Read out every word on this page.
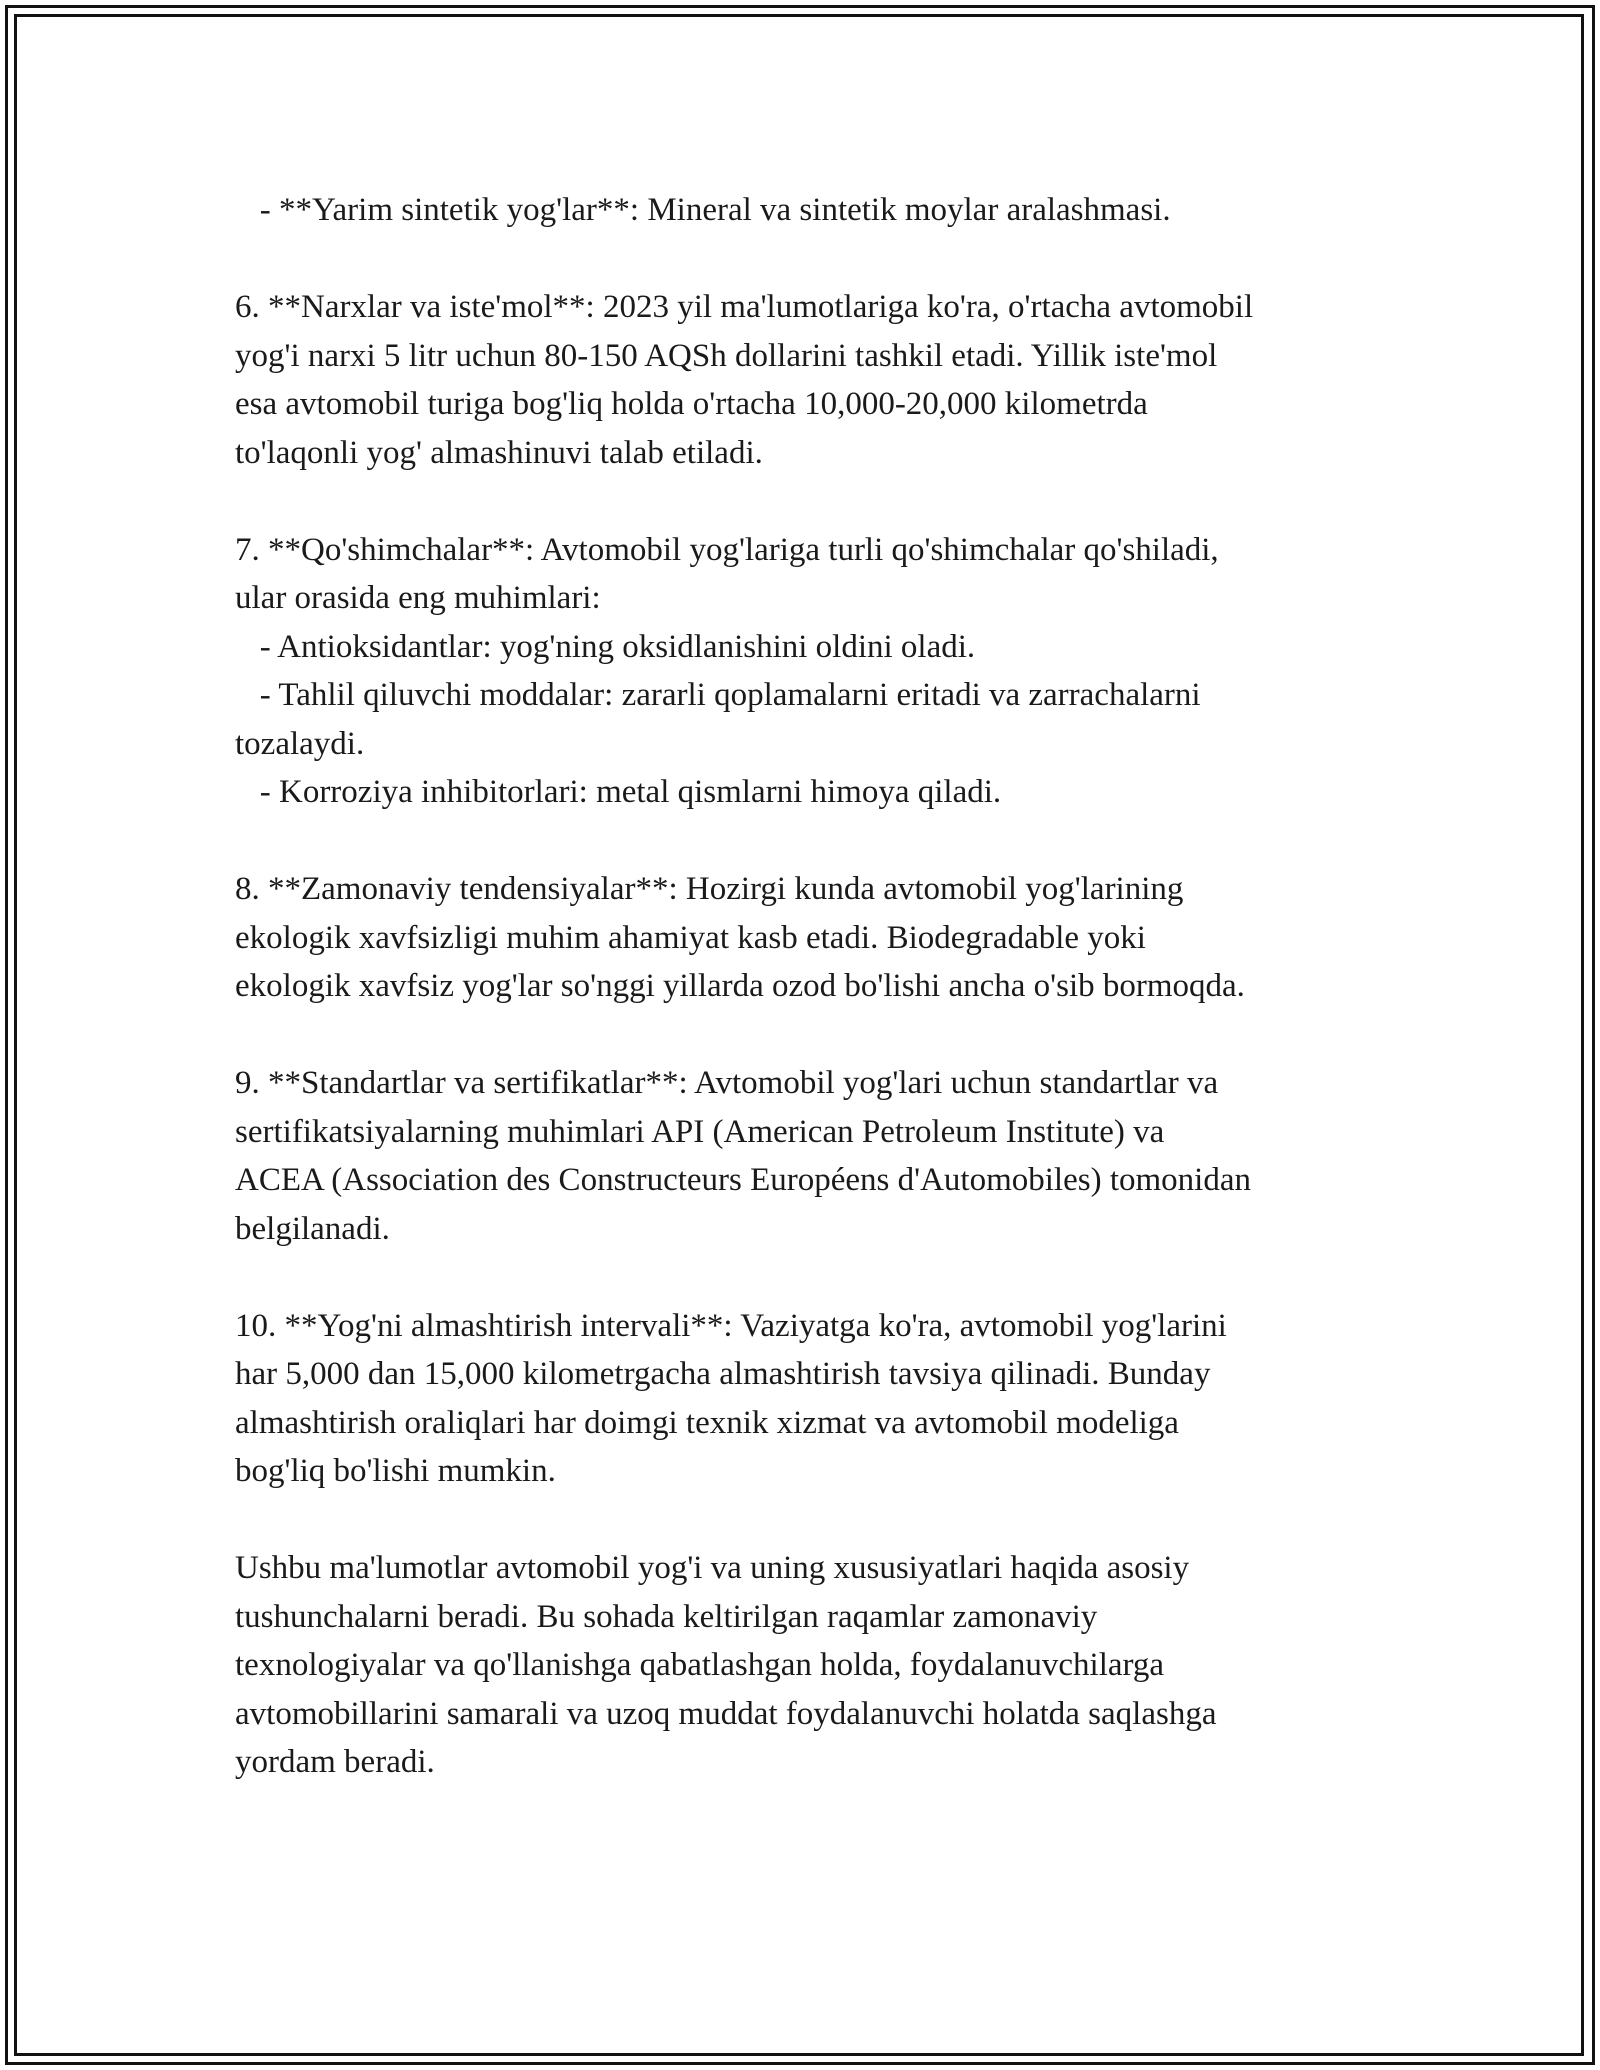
- **Yarim sintetik yog'lar**: Mineral va sintetik moylar aralashmasi.
6. **Narxlar va iste'mol**: 2023 yil ma'lumotlariga ko'ra, o'rtacha avtomobil
yog'i narxi 5 litr uchun 80-150 AQSh dollarini tashkil etadi. Yillik iste'mol
esa avtomobil turiga bog'liq holda o'rtacha 10,000-20,000 kilometrda
to'laqonli yog' almashinuvi talab etiladi.
7. **Qo'shimchalar**: Avtomobil yog'lariga turli qo'shimchalar qo'shiladi,
ular orasida eng muhimlari:
- Antioksidantlar: yog'ning oksidlanishini oldini oladi.
- Tahlil qiluvchi moddalar: zararli qoplamalarni eritadi va zarrachalarni
tozalaydi.
- Korroziya inhibitorlari: metal qismlarni himoya qiladi.
8. **Zamonaviy tendensiyalar**: Hozirgi kunda avtomobil yog'larining
ekologik xavfsizligi muhim ahamiyat kasb etadi. Biodegradable yoki
ekologik xavfsiz yog'lar so'nggi yillarda ozod bo'lishi ancha o'sib bormoqda.
9. **Standartlar va sertifikatlar**: Avtomobil yog'lari uchun standartlar va
sertifikatsiyalarning muhimlari API (American Petroleum Institute) va
ACEA (Association des Constructeurs Européens d'Automobiles) tomonidan
belgilanadi.
10. **Yog'ni almashtirish intervali**: Vaziyatga ko'ra, avtomobil yog'larini
har 5,000 dan 15,000 kilometrgacha almashtirish tavsiya qilinadi. Bunday
almashtirish oraliqlari har doimgi texnik xizmat va avtomobil modeliga
bog'liq bo'lishi mumkin.
Ushbu ma'lumotlar avtomobil yog'i va uning xususiyatlari haqida asosiy
tushunchalarni beradi. Bu sohada keltirilgan raqamlar zamonaviy
texnologiyalar va qo'llanishga qabatlashgan holda, foydalanuvchilarga
avtomobillarini samarali va uzoq muddat foydalanuvchi holatda saqlashga
yordam beradi.
